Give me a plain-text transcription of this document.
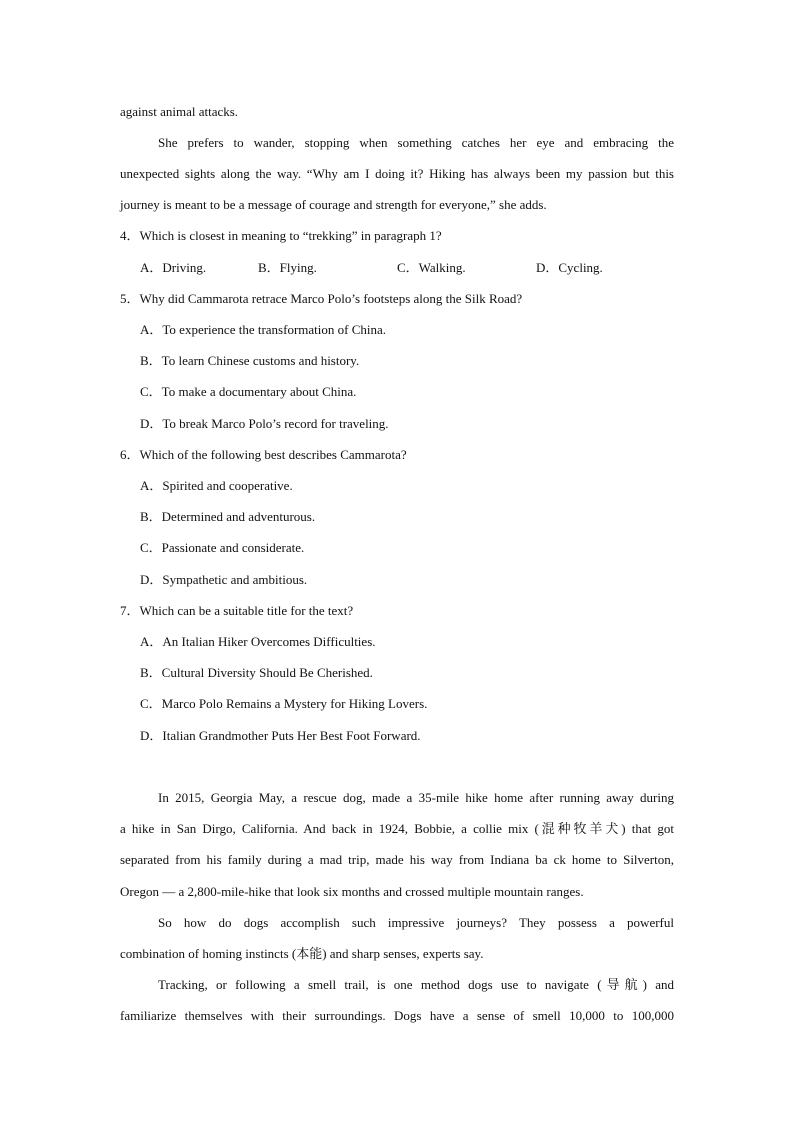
against animal attacks.
She prefers to wander, stopping when something catches her eye and embracing the
unexpected sights along the way. “Why am I doing it? Hiking has always been my passion but this
journey is meant to be a message of courage and strength for everyone,” she adds.
4．Which is closest in meaning to “trekking” in paragraph 1?
A．Driving.	B．Flying.	C．Walking.	D．Cycling.
5．Why did Cammarota retrace Marco Polo’s footsteps along the Silk Road?
A．To experience the transformation of China.
B．To learn Chinese customs and history.
C．To make a documentary about China.
D．To break Marco Polo’s record for traveling.
6．Which of the following best describes Cammarota?
A．Spirited and cooperative.
B．Determined and adventurous.
C．Passionate and considerate.
D．Sympathetic and ambitious.
7．Which can be a suitable title for the text?
A．An Italian Hiker Overcomes Difficulties.
B．Cultural Diversity Should Be Cherished.
C．Marco Polo Remains a Mystery for Hiking Lovers.
D．Italian Grandmother Puts Her Best Foot Forward.
In 2015, Georgia May, a rescue dog, made a 35-mile hike home after running away during
a hike in San Dirgo, California. And back in 1924, Bobbie, a collie mix (混种牧羊犬) that got
separated from his family during a mad trip, made his way from Indiana ba ck home to Silverton,
Oregon — a 2,800-mile-hike that look six months and crossed multiple mountain ranges.
So how do dogs accomplish such impressive journeys? They possess a powerful
combination of homing instincts (本能) and sharp senses, experts say.
Tracking, or following a smell trail, is one method dogs use to navigate (导航) and
familiarize themselves with their surroundings. Dogs have a sense of smell 10,000 to 100,000
